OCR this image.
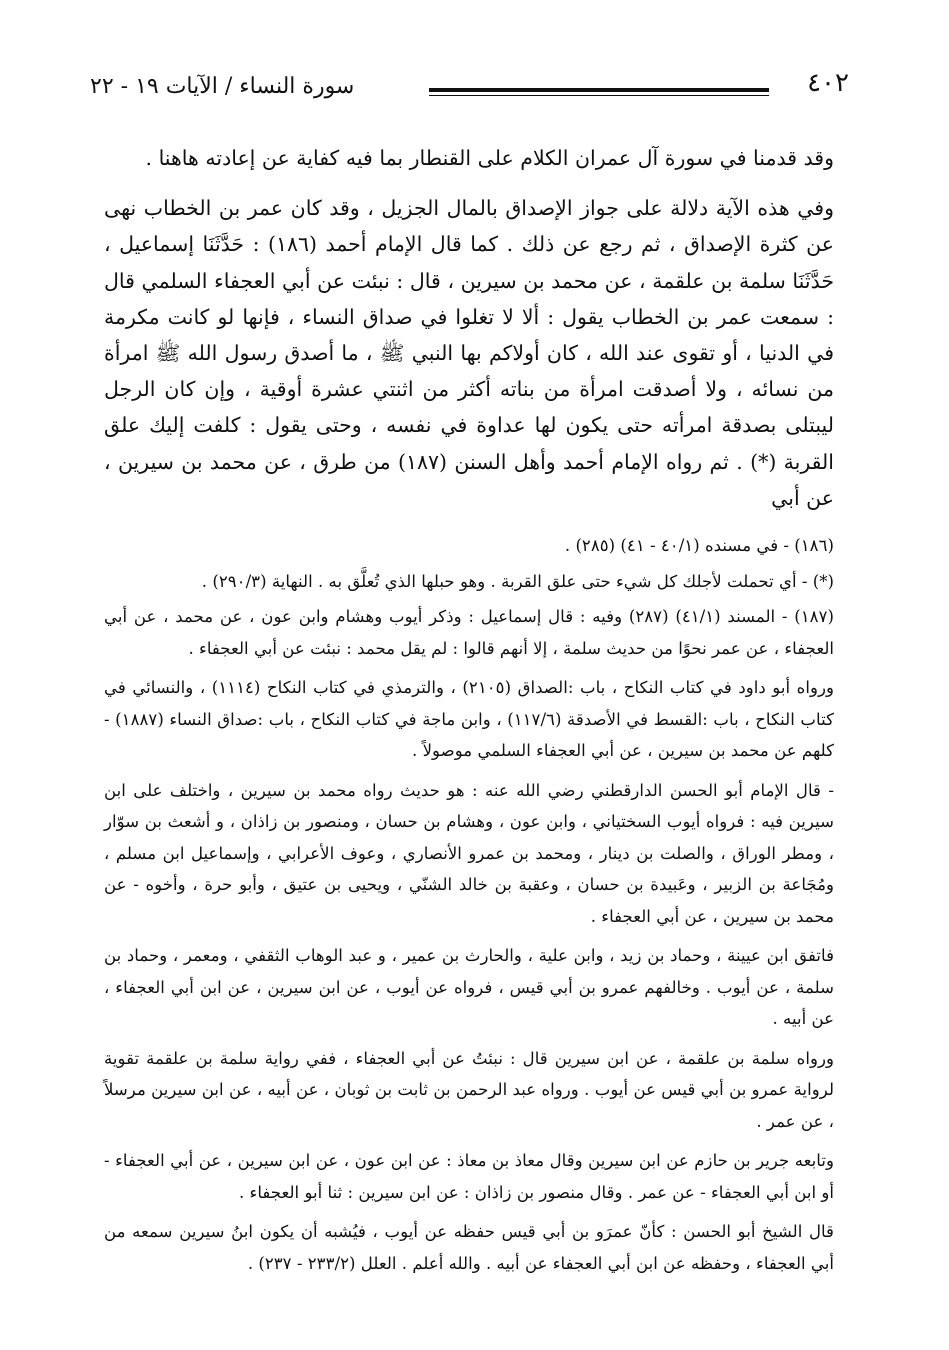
٤٠٢
سورة النساء / الآيات ١٩ - ٢٢

وقد قدمنا في سورة آل عمران الكلام على القنطار بما فيه كفاية عن إعادته هاهنا .

وفي هذه الآية دلالة على جواز الإصداق بالمال الجزيل ، وقد كان عمر بن الخطاب نهى عن كثرة الإصداق ، ثم رجع عن ذلك . كما قال الإمام أحمد (١٨٦) : حَدَّثَنَا إسماعيل ، حَدَّثَنَا سلمة بن علقمة ، عن محمد بن سيرين ، قال : نبئت عن أبي العجفاء السلمي قال : سمعت عمر بن الخطاب يقول : ألا لا تغلوا في صداق النساء ، فإنها لو كانت مكرمة في الدنيا ، أو تقوى عند الله ، كان أولاكم بها النبي ﷺ ، ما أصدق رسول الله ﷺ امرأة من نسائه ، ولا أصدقت امرأة من بناته أكثر من اثنتي عشرة أوقية ، وإن كان الرجل ليبتلى بصدقة امرأته حتى يكون لها عداوة في نفسه ، وحتى يقول : كلفت إليك علق القربة (*) . ثم رواه الإمام أحمد وأهل السنن (١٨٧) من طرق ، عن محمد بن سيرين ، عن أبي

(١٨٦) - في مسنده (٤٠/١ - ٤١) (٢٨٥) .

(*) - أي تحملت لأجلك كل شيء حتى علق القربة . وهو حبلها الذي تُعلَّق به . النهاية (٢٩٠/٣) .

(١٨٧) - المسند (٤١/١) (٢٨٧) وفيه : قال إسماعيل : وذكر أيوب وهشام وابن عون ، عن محمد ، عن أبي العجفاء ، عن عمر نحوًا من حديث سلمة ، إلا أنهم قالوا : لم يقل محمد : نبئت عن أبي العجفاء .

ورواه أبو داود في كتاب النكاح ، باب :الصداق (٢١٠٥) ، والترمذي في كتاب النكاح (١١١٤) ، والنسائي في كتاب النكاح ، باب :القسط في الأصدقة (١١٧/٦) ، وابن ماجة في كتاب النكاح ، باب :صداق النساء (١٨٨٧) - كلهم عن محمد بن سيرين ، عن أبي العجفاء السلمي موصولاً .

- قال الإمام أبو الحسن الدارقطني رضي الله عنه : هو حديث رواه محمد بن سيرين ، واختلف على ابن سيرين فيه : فرواه أيوب السختياني ، وابن عون ، وهشام بن حسان ، ومنصور بن زاذان ، و أشعث بن سوّار ، ومطر الوراق ، والصلت بن دينار ، ومحمد بن عمرو الأنصاري ، وعوف الأعرابي ، وإسماعيل ابن مسلم ، ومُجَاعة بن الزبير ، وعَبيدة بن حسان ، وعقبة بن خالد الشنّي ، ويحيى بن عتيق ، وأبو حرة ، وأخوه - عن محمد بن سيرين ، عن أبي العجفاء .

فاتفق ابن عيينة ، وحماد بن زيد ، وابن علية ، والحارث بن عمير ، و عبد الوهاب الثقفي ، ومعمر ، وحماد بن سلمة ، عن أيوب . وخالفهم عمرو بن أبي قيس ، فرواه عن أيوب ، عن ابن سيرين ، عن ابن أبي العجفاء ، عن أبيه .

ورواه سلمة بن علقمة ، عن ابن سيرين قال : نبئتُ عن أبي العجفاء ، ففي رواية سلمة بن علقمة تقوية لرواية عمرو بن أبي قيس عن أيوب . ورواه عبد الرحمن بن ثابت بن ثوبان ، عن أبيه ، عن ابن سيرين مرسلاً ، عن عمر .

وتابعه جرير بن حازم عن ابن سيرين وقال معاذ بن معاذ : عن ابن عون ، عن ابن سيرين ، عن أبي العجفاء - أو ابن أبي العجفاء - عن عمر . وقال منصور بن زاذان : عن ابن سيرين : ثنا أبو العجفاء .

قال الشيخ أبو الحسن : كأنّ عمرَو بن أبي قيس حفظه عن أيوب ، فيُشبه أن يكون ابنُ سيرين سمعه من أبي العجفاء ، وحفظه عن ابن أبي العجفاء عن أبيه . والله أعلم . العلل (٢٣٣/٢ - ٢٣٧) .
